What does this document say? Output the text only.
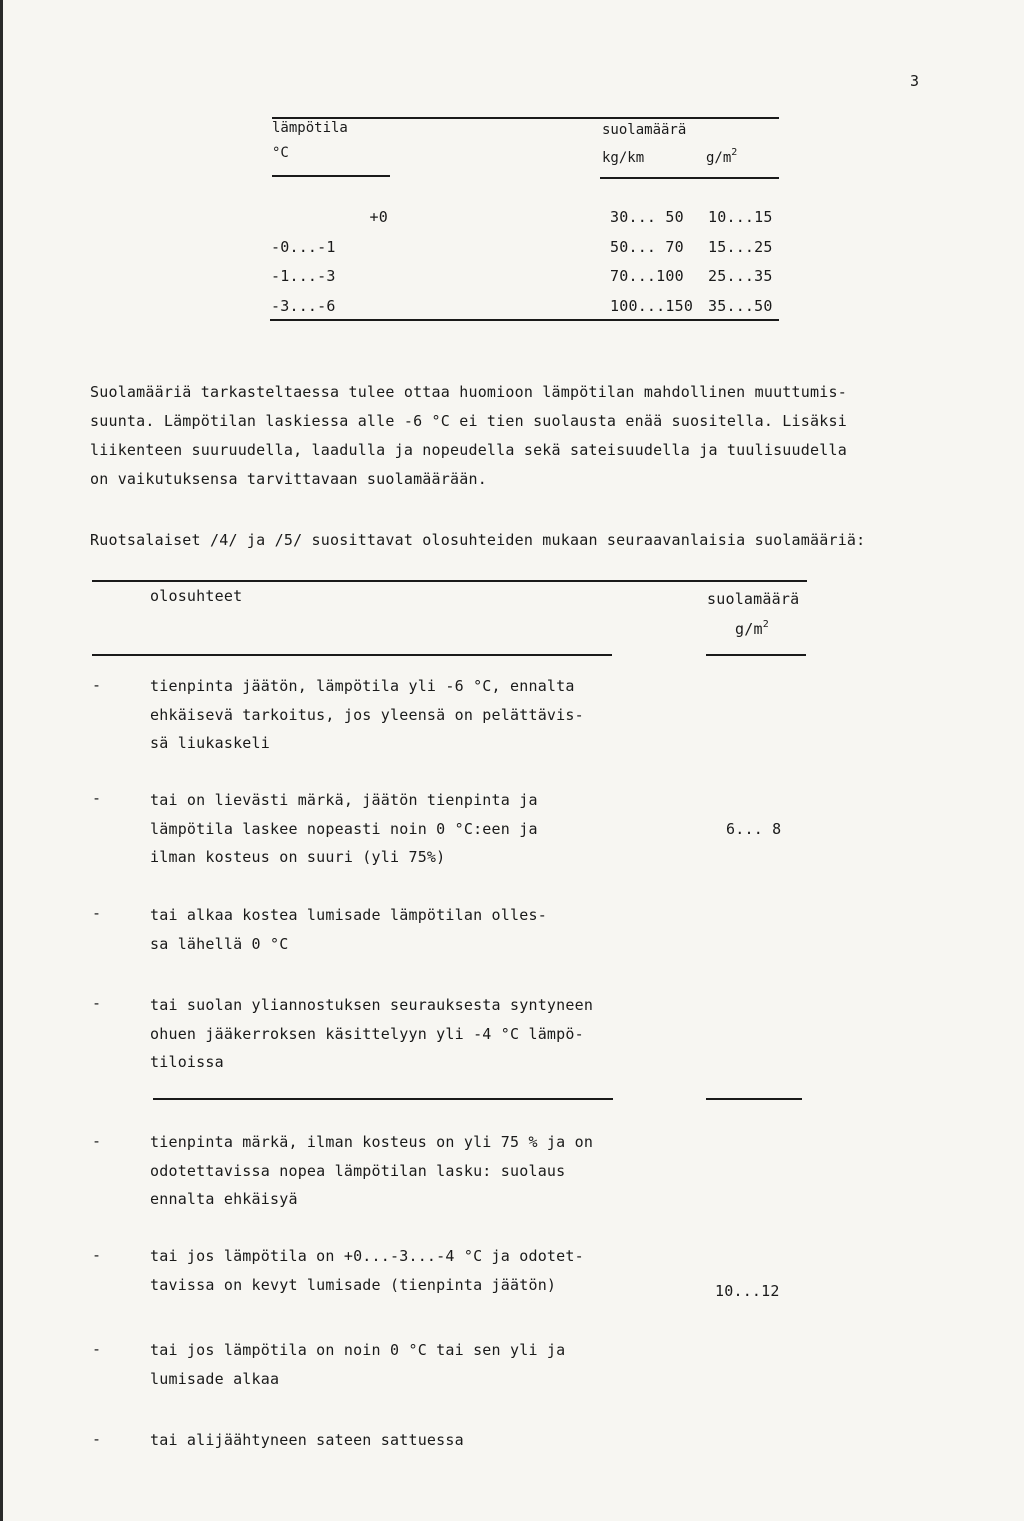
3
lämpötila
°C
suolamäärä
kg/km	$g/m^2$
+0	30... 50 10...15
-0...-1	50... 70 15...25
-1...-3	70...100 25...35
-3...-6	100...150 35...50
Suolamääriä tarkasteltaessa tulee ottaa huomioon lämpötilan mahdollinen muuttumis-
suunta. Lämpötilan laskiessa alle -6 °C ei tien suolausta enää suositella. Lisäksi
liikenteen suuruudella, laadulla ja nopeudella sekä sateisuudella ja tuulisuudella
on vaikutuksensa tarvittavaan suolamäärään.
Ruotsalaiset /4/ ja /5/ suosittavat olosuhteiden mukaan seuraavanlaisia suolamääriä:
olosuhteet	suolamäärä
$g/m^2$
-	tienpinta jäätön, lämpötila yli -6 °C, ennalta
ehkäisevä tarkoitus, jos yleensä on pelättävis-
sä liukaskeli
-	tai on lievästi märkä, jäätön tienpinta ja
lämpötila laskee nopeasti noin 0 °C:een ja
ilman kosteus on suuri (yli 75%)
6... 8
-	tai alkaa kostea lumisade lämpötilan olles-
sa lähellä 0 °C
-	tai suolan yliannostuksen seurauksesta syntyneen
ohuen jääkerroksen käsittelyyn yli -4 °C lämpö-
tiloissa
-	tienpinta märkä, ilman kosteus on yli 75 % ja on
odotettavissa nopea lämpötilan lasku: suolaus
ennalta ehkäisyä
-	tai jos lämpötila on +0...-3...-4 °C ja odotet-
tavissa on kevyt lumisade (tienpinta jäätön)	10...12
-	tai jos lämpötila on noin 0 °C tai sen yli ja
lumisade alkaa
-	tai alijäähtyneen sateen sattuessa
